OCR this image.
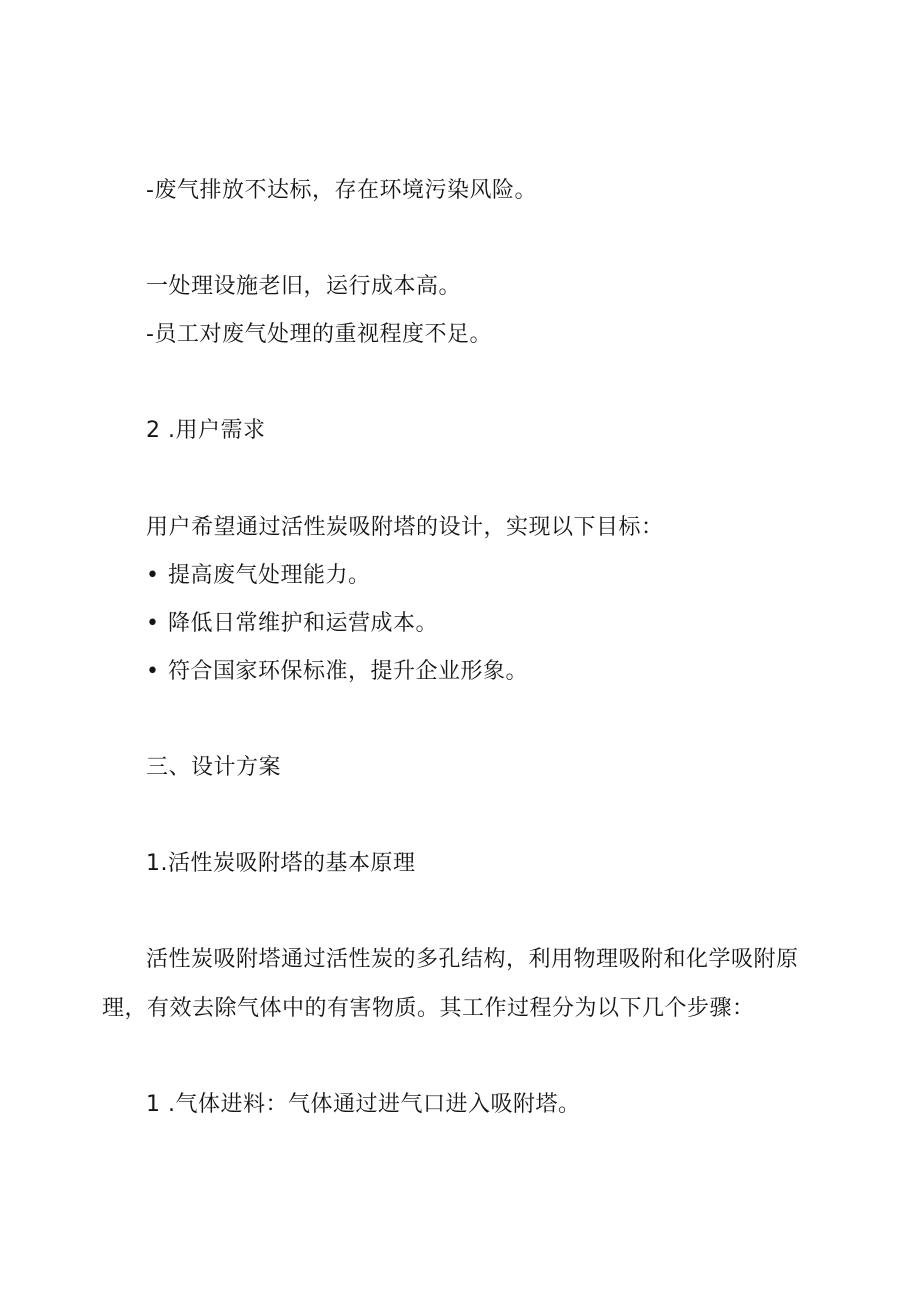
-废气排放不达标，存在环境污染风险。
一处理设施老旧，运行成本高。
-员工对废气处理的重视程度不足。
2 .用户需求
用户希望通过活性炭吸附塔的设计，实现以下目标：
• 提高废气处理能力。
• 降低日常维护和运营成本。
• 符合国家环保标准，提升企业形象。
三、设计方案
1.活性炭吸附塔的基本原理
活性炭吸附塔通过活性炭的多孔结构，利用物理吸附和化学吸附原
理，有效去除气体中的有害物质。其工作过程分为以下几个步骤：
1 .气体进料：气体通过进气口进入吸附塔。
